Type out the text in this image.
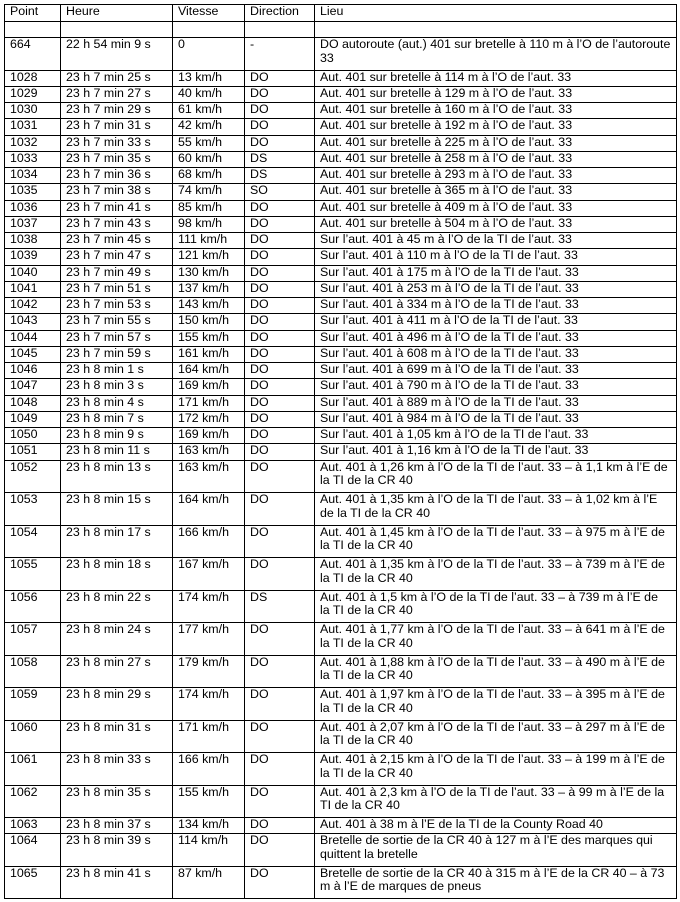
Point	Heure	Vitesse	Direction	Lieu

664	22 h 54 min 9 s	0	-	DO autoroute (aut.) 401 sur bretelle à 110 m à l’O de l’autoroute 33
1028	23 h 7 min 25 s	13 km/h	DO	Aut. 401 sur bretelle à 114 m à l’O de l’aut. 33
1029	23 h 7 min 27 s	40 km/h	DO	Aut. 401 sur bretelle à 129 m à l’O de l’aut. 33
1030	23 h 7 min 29 s	61 km/h	DO	Aut. 401 sur bretelle à 160 m à l’O de l’aut. 33
1031	23 h 7 min 31 s	42 km/h	DO	Aut. 401 sur bretelle à 192 m à l’O de l’aut. 33
1032	23 h 7 min 33 s	55 km/h	DO	Aut. 401 sur bretelle à 225 m à l’O de l’aut. 33
1033	23 h 7 min 35 s	60 km/h	DS	Aut. 401 sur bretelle à 258 m à l’O de l’aut. 33
1034	23 h 7 min 36 s	68 km/h	DS	Aut. 401 sur bretelle à 293 m à l’O de l’aut. 33
1035	23 h 7 min 38 s	74 km/h	SO	Aut. 401 sur bretelle à 365 m à l’O de l’aut. 33
1036	23 h 7 min 41 s	85 km/h	DO	Aut. 401 sur bretelle à 409 m à l’O de l’aut. 33
1037	23 h 7 min 43 s	98 km/h	DO	Aut. 401 sur bretelle à 504 m à l’O de l’aut. 33
1038	23 h 7 min 45 s	111 km/h	DO	Sur l’aut. 401 à 45 m à l’O de la TI de l’aut. 33
1039	23 h 7 min 47 s	121 km/h	DO	Sur l’aut. 401 à 110 m à l’O de la TI de l’aut. 33
1040	23 h 7 min 49 s	130 km/h	DO	Sur l’aut. 401 à 175 m à l’O de la TI de l’aut. 33
1041	23 h 7 min 51 s	137 km/h	DO	Sur l’aut. 401 à 253 m à l’O de la TI de l’aut. 33
1042	23 h 7 min 53 s	143 km/h	DO	Sur l’aut. 401 à 334 m à l’O de la TI de l’aut. 33
1043	23 h 7 min 55 s	150 km/h	DO	Sur l’aut. 401 à 411 m à l’O de la TI de l’aut. 33
1044	23 h 7 min 57 s	155 km/h	DO	Sur l’aut. 401 à 496 m à l’O de la TI de l’aut. 33
1045	23 h 7 min 59 s	161 km/h	DO	Sur l’aut. 401 à 608 m à l’O de la TI de l’aut. 33
1046	23 h 8 min 1 s	164 km/h	DO	Sur l’aut. 401 à 699 m à l’O de la TI de l’aut. 33
1047	23 h 8 min 3 s	169 km/h	DO	Sur l’aut. 401 à 790 m à l’O de la TI de l’aut. 33
1048	23 h 8 min 4 s	171 km/h	DO	Sur l’aut. 401 à 889 m à l’O de la TI de l’aut. 33
1049	23 h 8 min 7 s	172 km/h	DO	Sur l’aut. 401 à 984 m à l’O de la TI de l’aut. 33
1050	23 h 8 min 9 s	169 km/h	DO	Sur l’aut. 401 à 1,05 km à l’O de la TI de l’aut. 33
1051	23 h 8 min 11 s	163 km/h	DO	Sur l’aut. 401 à 1,16 km à l’O de la TI de l’aut. 33
1052	23 h 8 min 13 s	163 km/h	DO	Aut. 401 à 1,26 km à l’O de la TI de l’aut. 33 – à 1,1 km à l’E de la TI de la CR 40
1053	23 h 8 min 15 s	164 km/h	DO	Aut. 401 à 1,35 km à l’O de la TI de l’aut. 33 – à 1,02 km à l’E de la TI de la CR 40
1054	23 h 8 min 17 s	166 km/h	DO	Aut. 401 à 1,45 km à l’O de la TI de l’aut. 33 – à 975 m à l’E de la TI de la CR 40
1055	23 h 8 min 18 s	167 km/h	DO	Aut. 401 à 1,35 km à l’O de la TI de l’aut. 33 – à 739 m à l’E de la TI de la CR 40
1056	23 h 8 min 22 s	174 km/h	DS	Aut. 401 à 1,5 km à l’O de la TI de l’aut. 33 – à 739 m à l’E de la TI de la CR 40
1057	23 h 8 min 24 s	177 km/h	DO	Aut. 401 à 1,77 km à l’O de la TI de l’aut. 33 – à 641 m à l’E de la TI de la CR 40
1058	23 h 8 min 27 s	179 km/h	DO	Aut. 401 à 1,88 km à l’O de la TI de l’aut. 33 – à 490 m à l’E de la TI de la CR 40
1059	23 h 8 min 29 s	174 km/h	DO	Aut. 401 à 1,97 km à l’O de la TI de l’aut. 33 – à 395 m à l’E de la TI de la CR 40
1060	23 h 8 min 31 s	171 km/h	DO	Aut. 401 à 2,07 km à l’O de la TI de l’aut. 33 – à 297 m à l’E de la TI de la CR 40
1061	23 h 8 min 33 s	166 km/h	DO	Aut. 401 à 2,15 km à l’O de la TI de l’aut. 33 – à 199 m à l’E de la TI de la CR 40
1062	23 h 8 min 35 s	155 km/h	DO	Aut. 401 à 2,3 km à l’O de la TI de l’aut. 33 – à 99 m à l’E de la TI de la CR 40
1063	23 h 8 min 37 s	134 km/h	DO	Aut. 401 à 38 m à l’E de la TI de la County Road 40
1064	23 h 8 min 39 s	114 km/h	DO	Bretelle de sortie de la CR 40 à 127 m à l’E des marques qui quittent la bretelle
1065	23 h 8 min 41 s	87 km/h	DO	Bretelle de sortie de la CR 40 à 315 m à l’E de la CR 40 – à 73 m à l’E de marques de pneus
